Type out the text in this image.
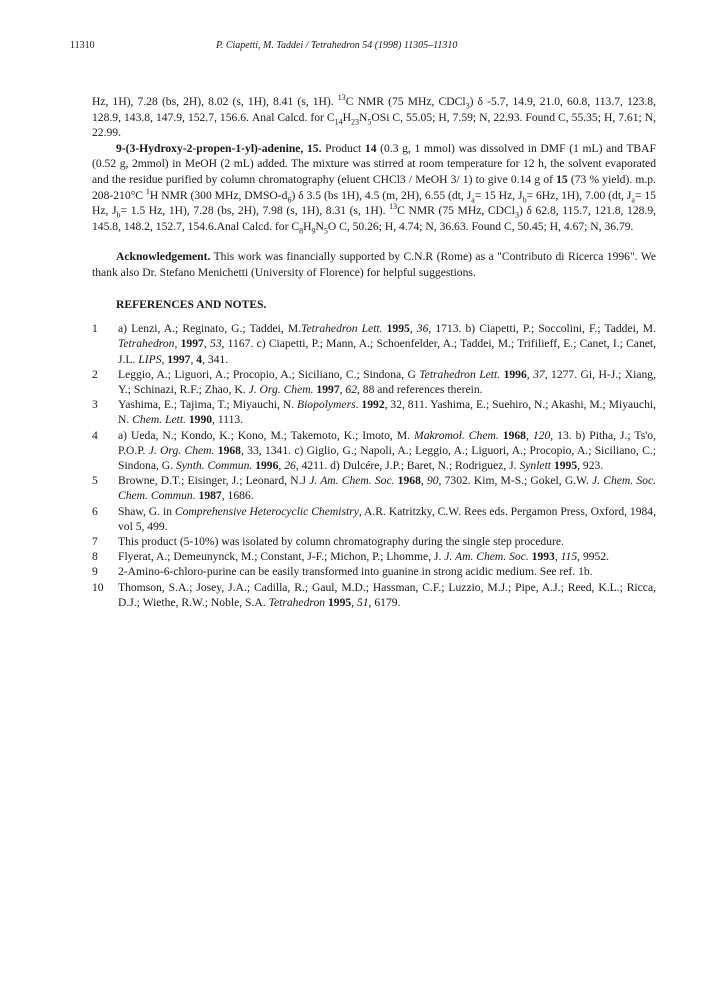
11310	P. Ciapetti, M. Taddei / Tetrahedron 54 (1998) 11305–11310

Hz, 1H), 7.28 (bs, 2H), 8.02 (s, 1H), 8.41 (s, 1H). $^{13}$C NMR (75 MHz, CDCl$_3$) δ -5.7, 14.9, 21.0, 60.8, 113.7, 123.8, 128.9, 143.8, 147.9, 152.7, 156.6. Anal Calcd. for $C_{14}H_{23}N_5OSi$ C, 55.05; H, 7.59; N, 22.93. Found C, 55.35; H, 7.61; N, 22.99.

9-(3-Hydroxy-2-propen-1-yl)-adenine, 15. Product 14 (0.3 g, 1 mmol) was dissolved in DMF (1 mL) and TBAF (0.52 g, 2mmol) in MeOH (2 mL) added. The mixture was stirred at room temperature for 12 h, the solvent evaporated and the residue purified by column chromatography (eluent CHCl3 / MeOH 3/ 1) to give 0.14 g of 15 (73 % yield). m.p. 208-210°C $^1$H NMR (300 MHz, DMSO-$d_6$) δ 3.5 (bs 1H), 4.5 (m, 2H), 6.55 (dt, $J_a= 15$ Hz, $J_b= 6Hz$, 1H), 7.00 (dt, $J_a= 15$ Hz, $J_b= 1.5$ Hz, 1H), 7.28 (bs, 2H), 7.98 (s, 1H), 8.31 (s, 1H). $^{13}$C NMR (75 MHz, CDCl$_3$) δ 62.8, 115.7, 121.8, 128.9, 145.8, 148.2, 152.7, 154.6.Anal Calcd. for $C_8H_9N_5O$ C, 50.26; H, 4.74; N, 36.63. Found C, 50.45; H, 4.67; N, 36.79.

Acknowledgement. This work was financially supported by C.N.R (Rome) as a "Contributo di Ricerca 1996". We thank also Dr. Stefano Menichetti (University of Florence) for helpful suggestions.

REFERENCES AND NOTES.

1	a) Lenzi, A.; Reginato, G.; Taddei, M.Tetrahedron Lett. 1995, 36, 1713. b) Ciapetti, P.; Soccolini, F.; Taddei, M. Tetrahedron, 1997, 53, 1167. c) Ciapetti, P.; Mann, A.; Schoenfelder, A.; Taddei, M.; Trifilieff, E.; Canet, I.; Canet, J.L. LIPS, 1997, 4, 341.

2	Leggio, A.; Liguori, A.; Procopio, A.; Siciliano, C.; Sindona, G Tetrahedron Lett. 1996, 37, 1277. Gi, H-J.; Xiang, Y.; Schinazi, R.F.; Zhao, K. J. Org. Chem. 1997, 62, 88 and references therein.

3	Yashima, E.; Tajima, T.; Miyauchi, N. Biopolymers. 1992, 32, 811. Yashima, E.; Suehiro, N.; Akashi, M.; Miyauchi, N. Chem. Lett. 1990, 1113.

4	a) Ueda, N.; Kondo, K.; Kono, M.; Takemoto, K.; Imoto, M. Makromol. Chem. 1968, 120, 13. b) Pitha, J.; Ts'o, P.O.P. J. Org. Chem. 1968, 33, 1341. c) Giglio, G.; Napoli, A.; Leggio, A.; Liguori, A.; Procopio, A.; Siciliano, C.; Sindona, G. Synth. Commun. 1996, 26, 4211. d) Dulcére, J.P.; Baret, N.; Rodriguez, J. Synlett 1995, 923.

5	Browne, D.T.; Eisinger, J.; Leonard, N.J J. Am. Chem. Soc. 1968, 90, 7302. Kim, M-S.; Gokel, G.W. J. Chem. Soc. Chem. Commun. 1987, 1686.

6	Shaw, G. in Comprehensive Heterocyclic Chemistry, A.R. Katritzky, C.W. Rees eds. Pergamon Press, Oxford, 1984, vol 5, 499.

7	This product (5-10%) was isolated by column chromatography during the single step procedure.

8	Flyerat, A.; Demeunynck, M.; Constant, J-F.; Michon, P.; Lhomme, J. J. Am. Chem. Soc. 1993, 115, 9952.

9	2-Amino-6-chloro-purine can be easily transformed into guanine in strong acidic medium. See ref. 1b.

10	Thomson, S.A.; Josey, J.A.; Cadilla, R.; Gaul, M.D.; Hassman, C.F.; Luzzio, M.J.; Pipe, A.J.; Reed, K.L.; Ricca, D.J.; Wiethe, R.W.; Noble, S.A. Tetrahedron 1995, 51, 6179.
